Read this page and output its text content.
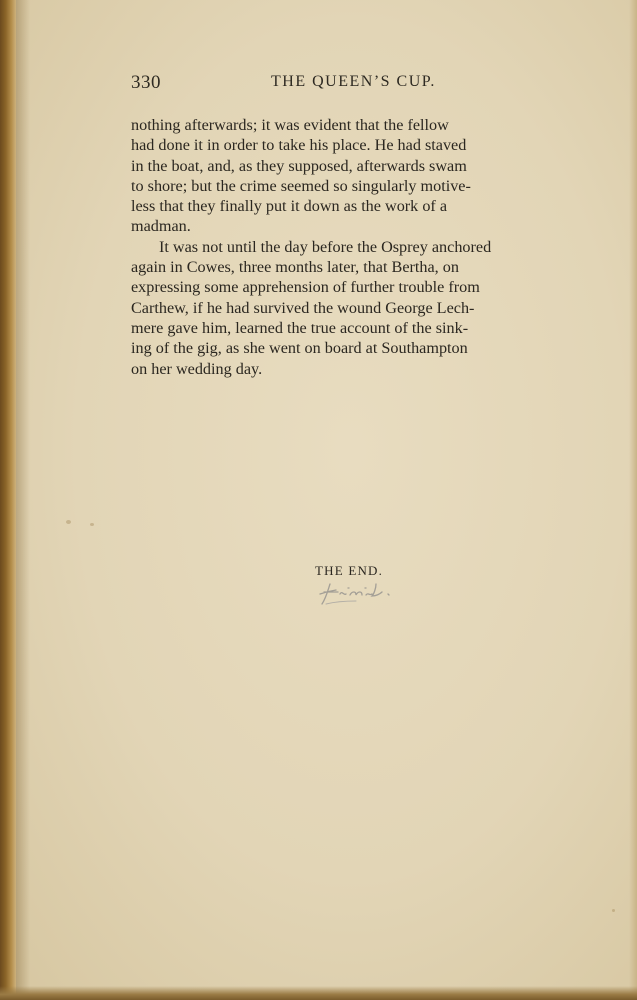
330	THE QUEEN’S CUP.

nothing afterwards; it was evident that the fellow
had done it in order to take his place. He had staved
in the boat, and, as they supposed, afterwards swam
to shore; but the crime seemed so singularly motive-
less that they finally put it down as the work of a
madman.

It was not until the day before the Osprey anchored
again in Cowes, three months later, that Bertha, on
expressing some apprehension of further trouble from
Carthew, if he had survived the wound George Lech-
mere gave him, learned the true account of the sink-
ing of the gig, as she went on board at Southampton
on her wedding day.

THE END.
